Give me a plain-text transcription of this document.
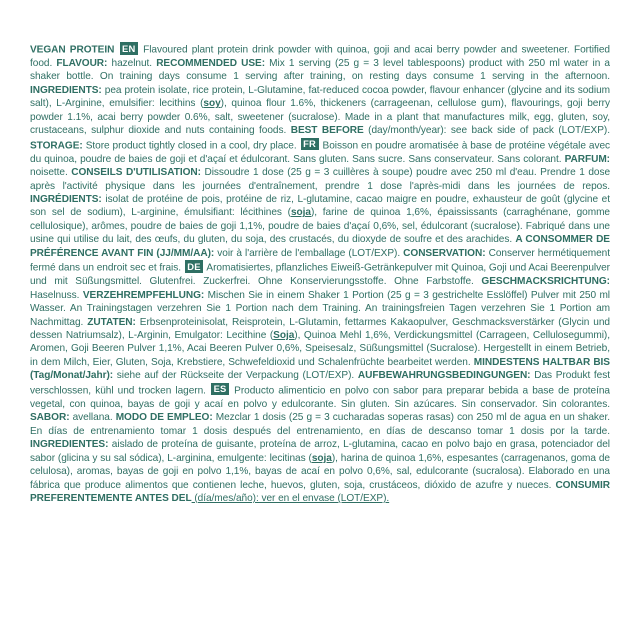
VEGAN PROTEIN EN Flavoured plant protein drink powder with quinoa, goji and acai berry powder and sweetener. Fortified food. FLAVOUR: hazelnut. RECOMMENDED USE: Mix 1 serving (25 g = 3 level tablespoons) product with 250 ml water in a shaker bottle. On training days consume 1 serving after training, on resting days consume 1 serving in the afternoon. INGREDIENTS: pea protein isolate, rice protein, L-Glutamine, fat-reduced cocoa powder, flavour enhancer (glycine and its sodium salt), L-Arginine, emulsifier: lecithins (soy), quinoa flour 1.6%, thickeners (carrageenan, cellulose gum), flavourings, goji berry powder 1.1%, acai berry powder 0.6%, salt, sweetener (sucralose). Made in a plant that manufactures milk, egg, gluten, soy, crustaceans, sulphur dioxide and nuts containing foods. BEST BEFORE (day/month/year): see back side of pack (LOT/EXP). STORAGE: Store product tightly closed in a cool, dry place. FR Boisson en poudre aromatisée à base de protéine végétale avec du quinoa, poudre de baies de goji et d'açaí et édulcorant. Sans gluten. Sans sucre. Sans conservateur. Sans colorant. PARFUM: noisette. CONSEILS D'UTILISATION: Dissoudre 1 dose (25 g = 3 cuillères à soupe) poudre avec 250 ml d'eau. Prendre 1 dose après l'activité physique dans les journées d'entraînement, prendre 1 dose l'après-midi dans les journées de repos. INGRÉDIENTS: isolat de protéine de pois, protéine de riz, L-glutamine, cacao maigre en poudre, exhausteur de goût (glycine et son sel de sodium), L-arginine, émulsifiant: lécithines (soja), farine de quinoa 1,6%, épaississants (carraghénane, gomme cellulosique), arômes, poudre de baies de goji 1,1%, poudre de baies d'açaí 0,6%, sel, édulcorant (sucralose). Fabriqué dans une usine qui utilise du lait, des œufs, du gluten, du soja, des crustacés, du dioxyde de soufre et des arachides. A CONSOMMER DE PRÉFÉRENCE AVANT FIN (JJ/MM/AA): voir à l'arrière de l'emballage (LOT/EXP). CONSERVATION: Conserver hermétiquement fermé dans un endroit sec et frais. DE Aromatisiertes, pflanzliches Eiweiß-Getränkepulver mit Quinoa, Goji und Acai Beerenpulver und mit Süßungsmittel. Glutenfrei. Zuckerfrei. Ohne Konservierungsstoffe. Ohne Farbstoffe. GESCHMACKSRICHTUNG: Haselnuss. VERZEHREMPFEHLUNG: Mischen Sie in einem Shaker 1 Portion (25 g = 3 gestrichelte Esslöffel) Pulver mit 250 ml Wasser. An Trainingstagen verzehren Sie 1 Portion nach dem Training. An trainingsfreien Tagen verzehren Sie 1 Portion am Nachmittag. ZUTATEN: Erbsenproteinisolat, Reisprotein, L-Glutamin, fettarmes Kakaopulver, Geschmacksverstärker (Glycin und dessen Natriumsalz), L-Arginin, Emulgator: Lecithine (Soja), Quinoa Mehl 1,6%, Verdickungsmittel (Carrageen, Cellulosegummi), Aromen, Goji Beeren Pulver 1,1%, Acai Beeren Pulver 0,6%, Speisesalz, Süßungsmittel (Sucralose). Hergestellt in einem Betrieb, in dem Milch, Eier, Gluten, Soja, Krebstiere, Schwefeldioxid und Schalenfrüchte bearbeitet werden. MINDESTENS HALTBAR BIS (Tag/Monat/Jahr): siehe auf der Rückseite der Verpackung (LOT/EXP). AUFBEWAHRUNGSBEDINGUNGEN: Das Produkt fest verschlossen, kühl und trocken lagern. ES Producto alimenticio en polvo con sabor para preparar bebida a base de proteína vegetal, con quinoa, bayas de goji y acaí en polvo y edulcorante. Sin gluten. Sin azúcares. Sin conservador. Sin colorantes. SABOR: avellana. MODO DE EMPLEO: Mezclar 1 dosis (25 g = 3 cucharadas soperas rasas) con 250 ml de agua en un shaker. En días de entrenamiento tomar 1 dosis después del entrenamiento, en días de descanso tomar 1 dosis por la tarde. INGREDIENTES: aislado de proteína de guisante, proteína de arroz, L-glutamina, cacao en polvo bajo en grasa, potenciador del sabor (glicina y su sal sódica), L-arginina, emulgente: lecitinas (soja), harina de quinoa 1,6%, espesantes (carragenanos, goma de celulosa), aromas, bayas de goji en polvo 1,1%, bayas de acaí en polvo 0,6%, sal, edulcorante (sucralosa). Elaborado en una fábrica que produce alimentos que contienen leche, huevos, gluten, soja, crustáceos, dióxido de azufre y nueces. CONSUMIR PREFERENTEMENTE ANTES DEL (día/mes/año): ver en el envase (LOT/EXP).
